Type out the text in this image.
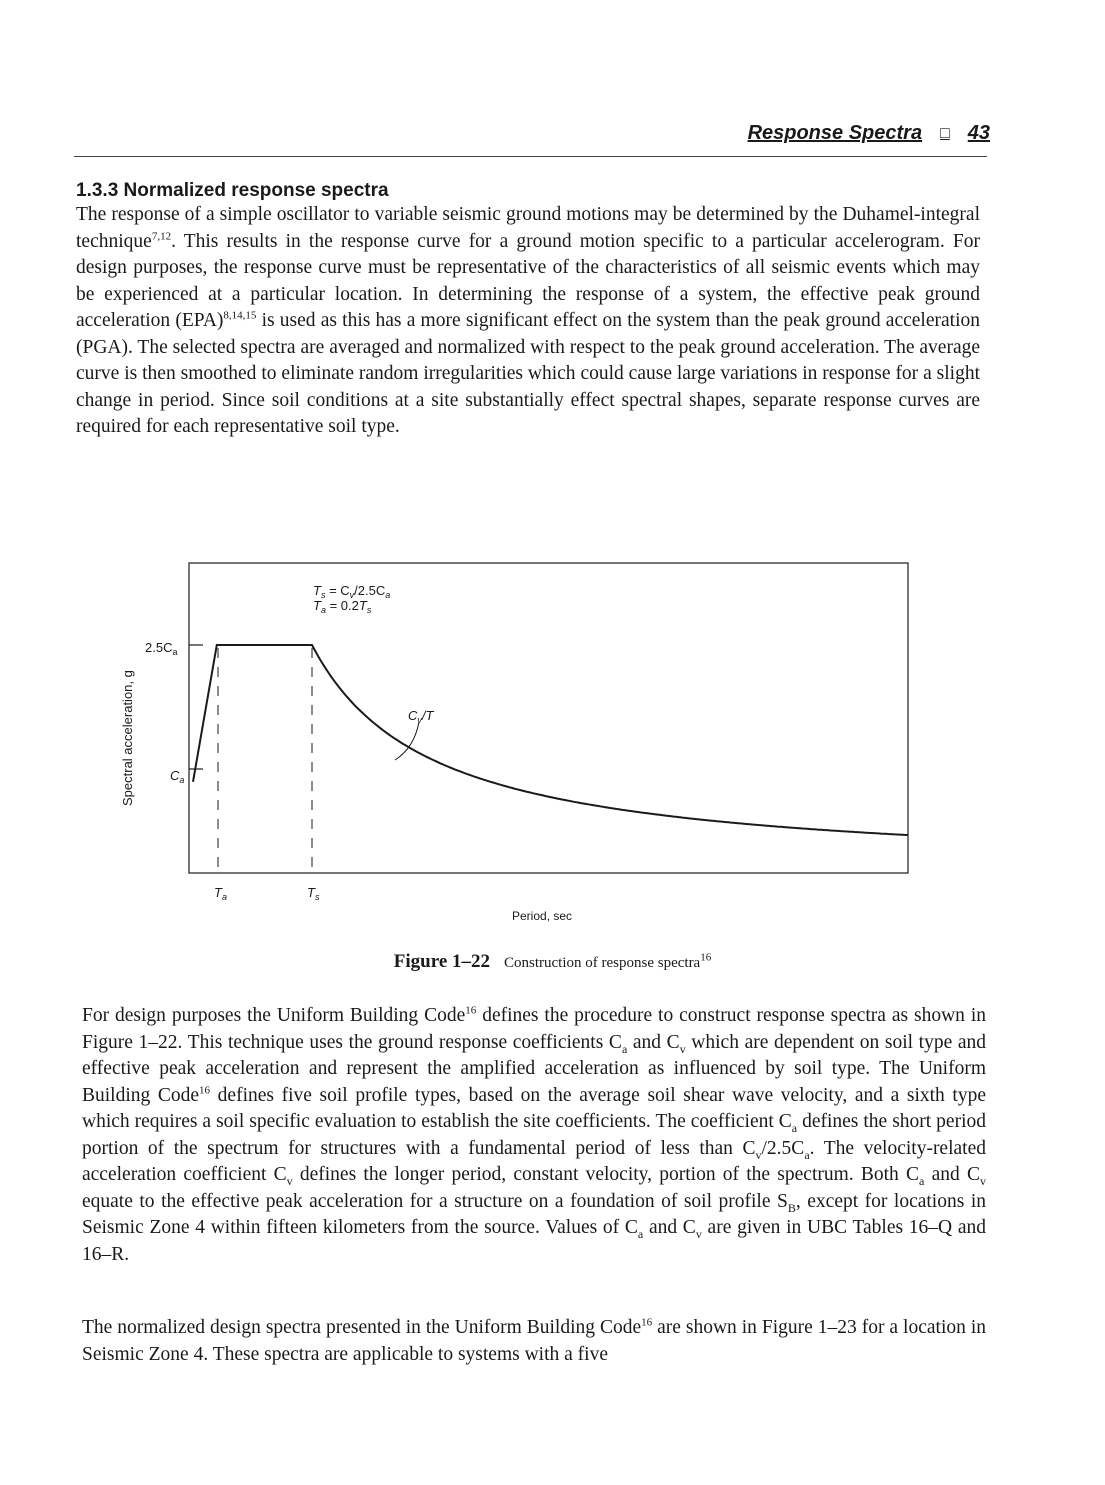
Response Spectra □ 43
1.3.3 Normalized response spectra

The response of a simple oscillator to variable seismic ground motions may be determined by the Duhamel-integral technique$^{7,12}$. This results in the response curve for a ground motion specific to a particular accelerogram. For design purposes, the response curve must be representative of the characteristics of all seismic events which may be experienced at a particular location. In determining the response of a system, the effective peak ground acceleration (EPA)$^{8,14,15}$ is used as this has a more significant effect on the system than the peak ground acceleration (PGA). The selected spectra are averaged and normalized with respect to the peak ground acceleration. The average curve is then smoothed to eliminate random irregularities which could cause large variations in response for a slight change in period. Since soil conditions at a site substantially effect spectral shapes, separate response curves are required for each representative soil type.

Spectral acceleration, g
$2.5C_a$
$C_a$
$T_s = C_v/2.5C_a$
$T_a = 0.2T_s$
$C_v/T$
$T_a$	$T_s$
Period, sec
Figure 1–22 Construction of response spectra$^{16}$

For design purposes the Uniform Building Code$^{16}$ defines the procedure to construct response spectra as shown in Figure 1–22. This technique uses the ground response coefficients $C_a$ and $C_v$ which are dependent on soil type and effective peak acceleration and represent the amplified acceleration as influenced by soil type. The Uniform Building Code$^{16}$ defines five soil profile types, based on the average soil shear wave velocity, and a sixth type which requires a soil specific evaluation to establish the site coefficients. The coefficient $C_a$ defines the short period portion of the spectrum for structures with a fundamental period of less than $C_v/2.5C_a$. The velocity-related acceleration coefficient $C_v$ defines the longer period, constant velocity, portion of the spectrum. Both $C_a$ and $C_v$ equate to the effective peak acceleration for a structure on a foundation of soil profile $S_B$, except for locations in Seismic Zone 4 within fifteen kilometers from the source. Values of $C_a$ and $C_v$ are given in UBC Tables 16–Q and 16–R.

The normalized design spectra presented in the Uniform Building Code$^{16}$ are shown in Figure 1–23 for a location in Seismic Zone 4. These spectra are applicable to systems with a five
